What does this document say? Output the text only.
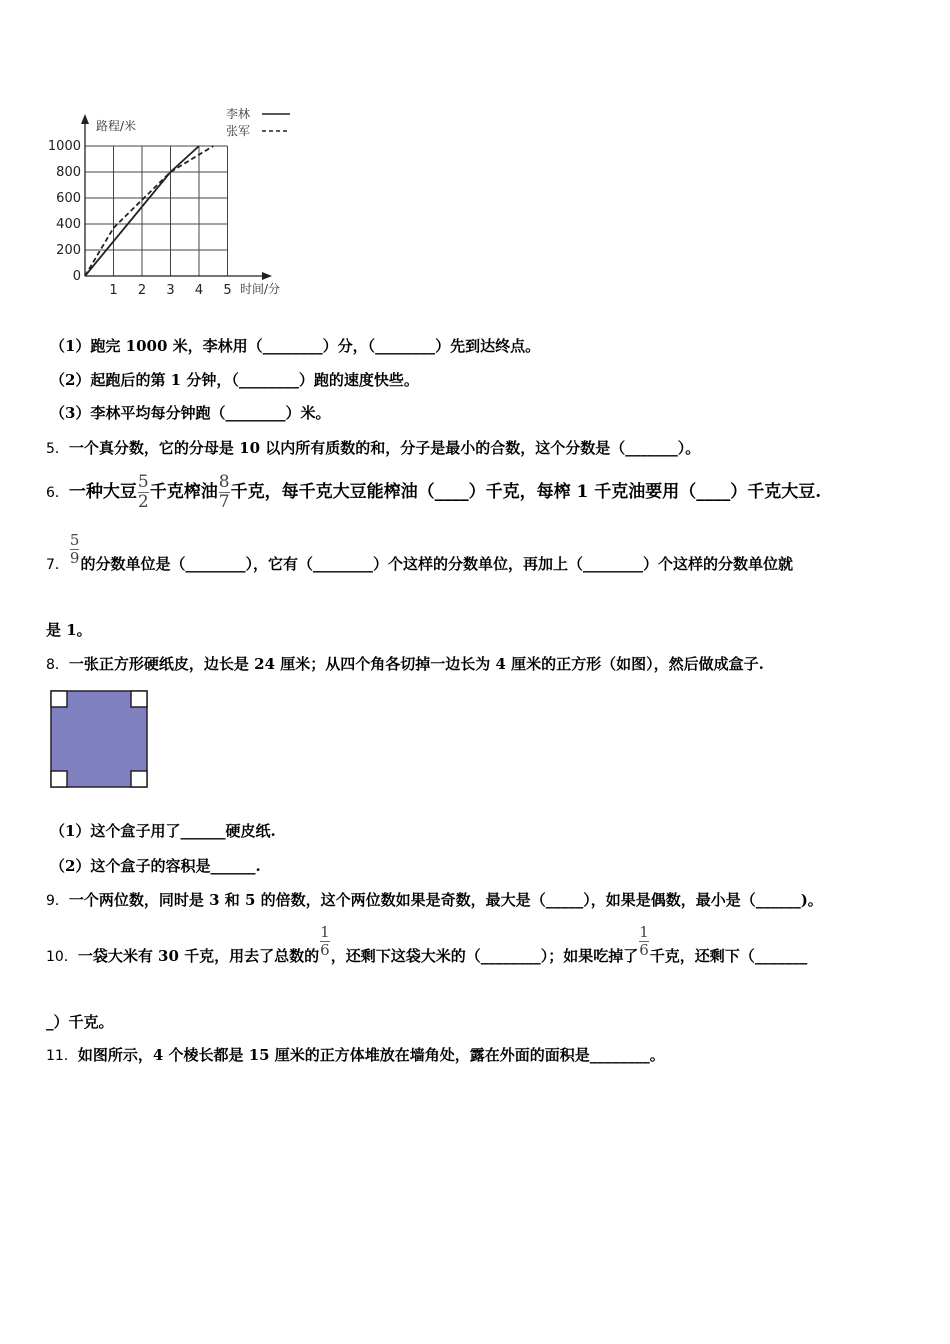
0
200
400
600
800
1000
1 2 3 4 5
李林
张军
路程/米
时间/分
（1）跑完 1000 米，李林用（________）分，（________）先到达终点。
（2）起跑后的第 1 分钟，（________）跑的速度快些。
（3）李林平均每分钟跑（________）米。
5．一个真分数，它的分母是 10 以内所有质数的和，分子是最小的合数，这个分数是（_______）。
6．一种大豆 $\frac{5}{2}$ 千克榨油 $\frac{8}{7}$ 千克，每千克大豆能榨油（____）千克，每榨 1 千克油要用（____）千克大豆.
7． $\frac{5}{9}$ 的分数单位是（________），它有（________）个这样的分数单位，再加上（________）个这样的分数单位就
是 1。
8．一张正方形硬纸皮，边长是 24 厘米；从四个角各切掉一边长为 4 厘米的正方形（如图），然后做成盒子.
（1）这个盒子用了______硬皮纸.
（2）这个盒子的容积是______.
9．一个两位数，同时是 3 和 5 的倍数，这个两位数如果是奇数，最大是（_____），如果是偶数，最小是（______)。
10．一袋大米有 30 千克，用去了总数的 $\frac{1}{6}$ ，还剩下这袋大米的（________）；如果吃掉了 $\frac{1}{6}$ 千克，还剩下（_______
_）千克。
11．如图所示，4 个棱长都是 15 厘米的正方体堆放在墙角处，露在外面的面积是________。
